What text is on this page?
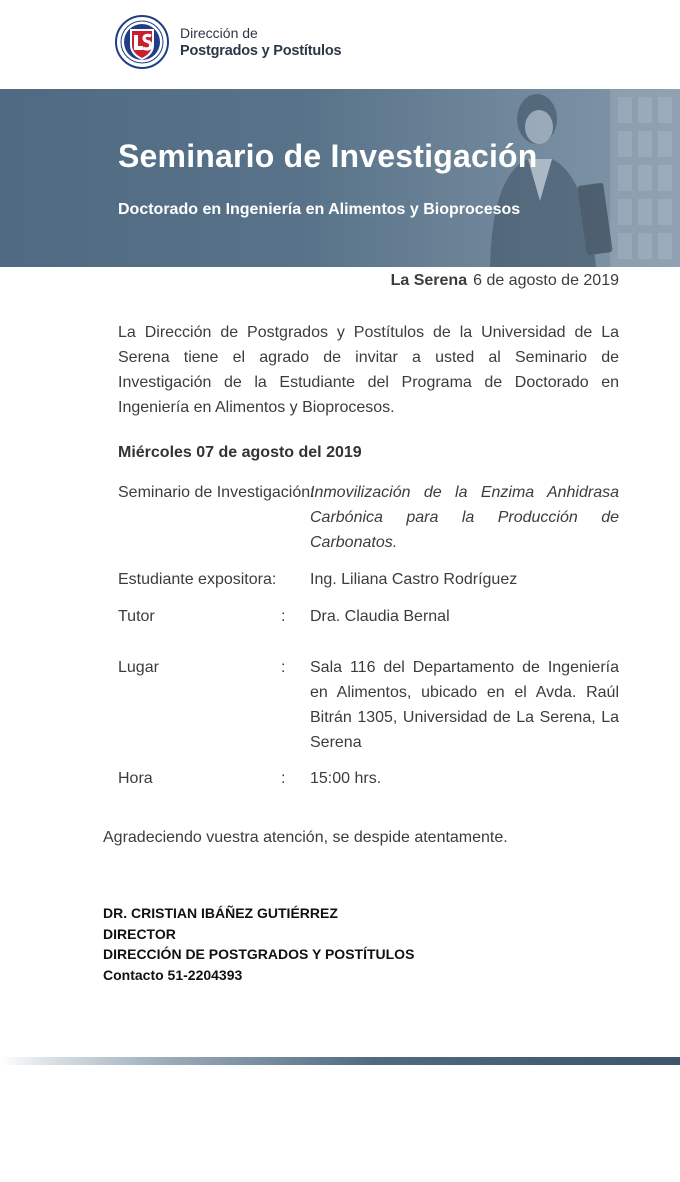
Dirección de
Postgrados y Postítulos
Seminario de Investigación
Doctorado en Ingeniería en Alimentos y Bioprocesos
La Serena 6 de agosto de 2019
La Dirección de Postgrados y Postítulos de la Universidad de La Serena tiene el agrado de invitar a usted al Seminario de Investigación de la Estudiante del Programa de Doctorado en Ingeniería en Alimentos y Bioprocesos.
Miércoles 07 de agosto del 2019
Seminario de Investigación:
Inmovilización de la Enzima Anhidrasa Carbónica para la Producción de Carbonatos.
Estudiante expositora: Ing. Liliana Castro Rodríguez
Tutor	: Dra. Claudia Bernal
Lugar	: Sala 116 del Departamento de Ingeniería en Alimentos, ubicado en el Avda. Raúl Bitrán 1305, Universidad de La Serena, La Serena
Hora	: 15:00 hrs.
Agradeciendo vuestra atención, se despide atentamente.
DR. CRISTIAN IBÁÑEZ GUTIÉRREZ
DIRECTOR
DIRECCIÓN DE POSTGRADOS Y POSTÍTULOS
Contacto 51-2204393
